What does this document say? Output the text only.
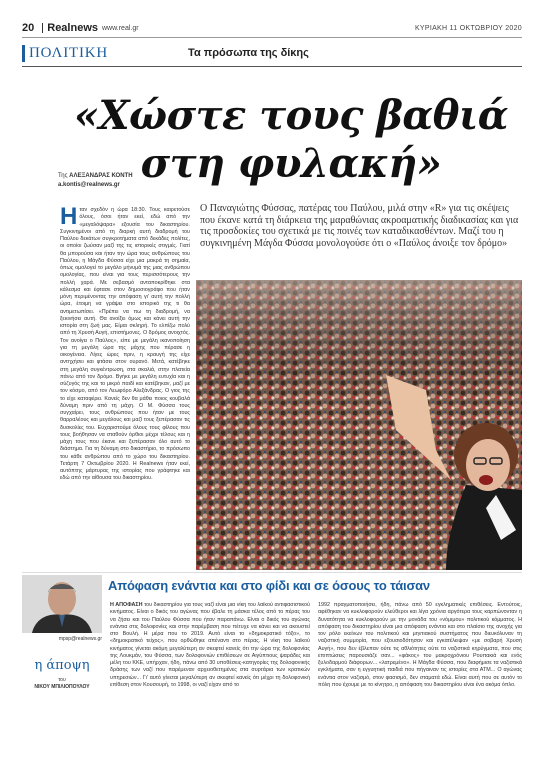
20 Realnews www.real.gr	ΚΥΡΙΑΚΗ 11 ΟΚΤΩΒΡΙΟΥ 2020
ΠΟΛΙΤΙΚΗ	Τα πρόσωπα της δίκης
«Χώστε τους βαθιά στη φυλακή»
Της ΑΛΕΞΑΝΔΡΑΣ ΚΟΝΤΗ
a.kontis@realnews.gr
Ο Παναγιώτης Φύσσας, πατέρας του Παύλου, μιλά στην «R» για τις σκέψεις που έκανε κατά τη διάρκεια της μαραθώνιας ακροαματικής διαδικασίας και για τις προσδοκίες του σχετικά με τις ποινές των καταδικασθέντων. Μαζί του η συγκινημένη Μάγδα Φύσσα μονολογούσε ότι ο «Παύλος άνοιξε τον δρόμο»
Ηταν σχεδόν η ώρα 18:30. Τους καιρετούσε όλους, όσοι ήταν εκεί, εδώ από την «μεγαλόψαρα» εξουσία του δικαστηρίου. Συγκινημένοι από τη διαρκή αυτή διαδρομή του Παύλου δεκάτων συγκροτήματα από δεκάδες πολίτες, οι οποίοι ζωύσαν μαζί της τις ιστορικές στιγμές. Γιατί θα μπορούσα και ήταν την ώρα τους ανθρώπους του Παύλου, η Μάγδα Φύσσα είχε μια μακρά τη σημαία, όπως ομολογεί το μεγάλο μήνυμά της μιας ανθρώπου ομολογίας, που είναι για τους περισσότερους την πολλή χαρά. Με σεβασμό ανταποκρίθηκε στα κάλεσμα και έφτασε στον δημοσιογράφο που ήταν μόνη περιμένοντας την απόφαση γι' αυτή την πολλή ώρα, έτοιμη να γράψει στο ιστορικό της τι θα αντιμετωπίσει. «Πρέπει να πω τη διαδρομή, να ξεκινήσει αυτή. Θα ανοίξει όμως και κάνει αυτή την ιστορία στη ζωή μας. Είμαι σκληρή. Το ελπίζω πολύ από τη Χρυσή Αυγή, επιστήμονες. Ο δρόμος ανοιχτός. Τον ανοίγει ο Παύλος», είπε με μεγάλη ικανοποίηση για τη μεγάλη ώρα της μάχης που πέρασε η οικογένεια. Λίγες ώρες πριν, η κραυγή της είχε αντηχήσει και φτάσει στον ουρανό. Μετά, κατέβηκε στη μεγάλη συγκέντρωση, στα σκαλιά, στην πλατεία πάνω από τον δρόμο. Βγήκε με μεγάλη ευτυχία και η σύζυγός της και το μικρό παιδί και κατέβηκαν, μαζί με τον κόσμο, από τον Λεωφόρο Αλεξάνδρας. Ο γιος της το είχε καταφέρει. Κανείς δεν θα μάθει ποιος κουβαλά δύναμη πριν από τη μάχη. Ο Μ. Φύσσα τους συγχαίρει, τους ανθρώπους που ήταν με τους θαρραλέους και μεγάλους και μαζί τους ξεπέρασαν τις δυσκολίες του. Ευχαριστούμε όλους τους φίλους που τους βοήθησαν να σταθούν όρθιοι μέχρι τέλους και η μάχη τους που έκανε και ξεπέρασαν όλο αυτό το διάστημα. Για τη δύναμη στο δικαστήριο, το πρόσωπο του κάθε ανθρώπου από το χώρο του δικαστηρίου. Τετάρτη 7 Οκτωβρίου 2020. Η Realnews ήταν εκεί, αυτόπτης μάρτυρας της ιστορίας που γράφτηκε και εδώ από την αίθουσα του δικαστηρίου.
mpsp@realnews.gr
η άποψη
του
ΝΙΚΟΥ ΜΠΙΛΙΟΠΟΥΛΟΥ
Απόφαση ενάντια και στο φίδι και σε όσους το τάισαν
Η ΑΠΟΦΑΣΗ του δικαστηρίου για τους ναζί είναι μια νίκη του λαϊκού αντιφασιστικού κινήματος. Είναι ο δικός του αγώνας που έβαλε τη μάσκα τέλος από το πέρας του να ζήσει και του Παύλου Φύσσα που ήταν παραπάνω. Είναι ο δικός του αγώνας ενάντια στις δολοφονίες και στην παρέμβαση που πέτυχε να κάνει και να ακουστεί στο Βουλή. Η μέρα που το 2019. Αυτό είναι το «δημοκρατικό τόξο», το «δημοκρατικό τείχος», που ορθώθηκε απέναντι στο πέρας. Η νίκη του λαϊκού κινήματος γίνεται ακόμη μεγαλύτερη αν σκεφτεί κανείς ότι την ώρα της δολοφονίας της Λουκμάν, του Φύσσα, των δολοφονιών επιθέσεων σε Αιγύπτιους ψαράδες και μέλη του ΚΚΕ, υπήρχαν, ήδη, πάνω από 30 υποθέσεις-κατηγορίες της δολοφονικής δράσης των ναζί που παρέμεναν αρχειοθετημένες στα συρτάρια των κρατικών υπηρεσιών... Γι' αυτό γίνεται μεγαλύτερη αν σκεφτεί κανείς ότι μέχρι τη δολοφονική επίθεση στον Κουσουρή, το 1998, οι ναζί είχαν από το
1992 πραγματοποιήσει, ήδη, πάνω από 50 εγκληματικές επιθέσεις. Εντούτοις, αφέθηκαν να κυκλοφορούν ελεύθεροι και λίγα χρόνια αργότερα τους καρπώνονταν η δυνατότητα να κυκλοφορούν με την μονάδα του «νόμιμου» πολιτικού κόμματος. Η απόφαση του δικαστηρίου είναι μια απόφαση ενάντια και στο πλαίσιο της ανοχής για τον ρόλο εκείνων του πολιτικού και μηντιακού συστήματος που διευκόλυναν τη ναζιστική συμμορία, που εξουσιοδότησαν και εγκατέλειψαν «με σοβαρή Χρυσή Αυγή», που δεν έβλεπαν ούτε τις αθλιότητες ούτε τα ναζιστικά κηρύγματα, που στις επιπτώσεις παρουσιάζε σαν... «φάκος» του μακροχρόνιου Ρουπακιά και ενός ξυλοδαρμού διάφορων... «λατρεμένο». Η Μάγδα Φύσσα, που διαφήμισε τα ναζιστικά εγκλήματα, σαν η εγγυητική παιδιά που πήγαιναν τις ιστορίες στα ΑΤΜ... Ο αγώνας ενάντια στον ναζισμό, στον φασισμό, δεν σταματά εδώ. Είναι αυτή που σε αυτόν το πόλη που έχουμε με το κίνητρο, η απόφαση του δικαστηρίου είναι ένα ακόμα όπλο.
